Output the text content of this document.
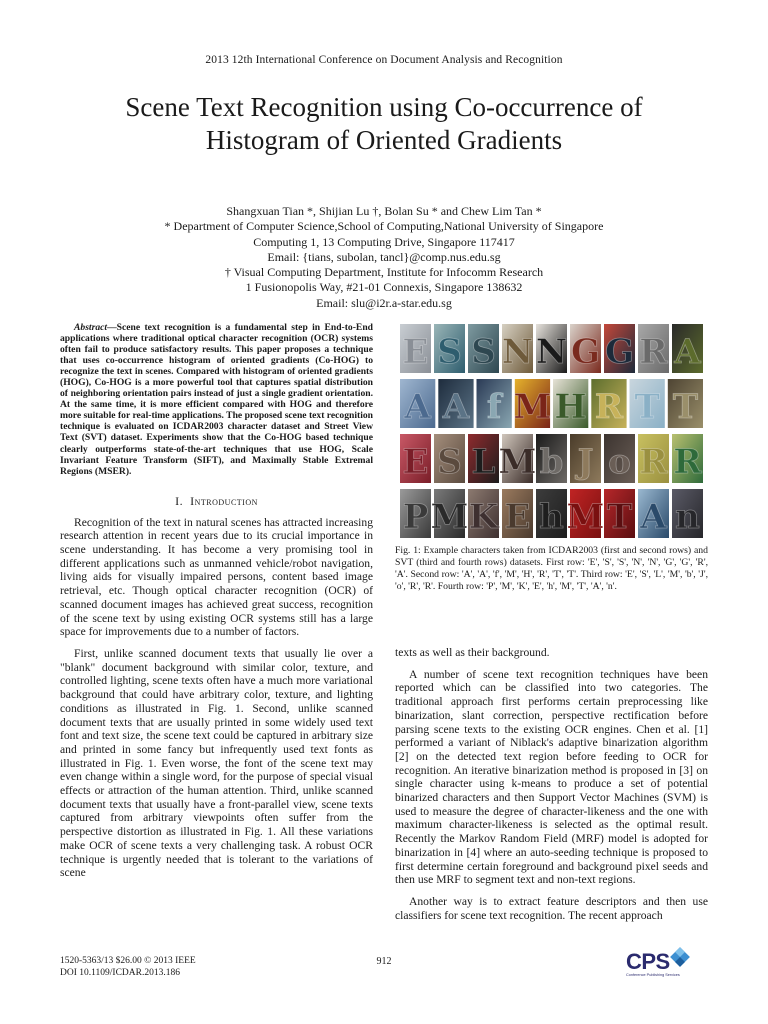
2013 12th International Conference on Document Analysis and Recognition
Scene Text Recognition using Co-occurrence of
Histogram of Oriented Gradients
Shangxuan Tian *, Shijian Lu †, Bolan Su * and Chew Lim Tan *
* Department of Computer Science,School of Computing,National University of Singapore
Computing 1, 13 Computing Drive, Singapore 117417
Email: {tians, subolan, tancl}@comp.nus.edu.sg
† Visual Computing Department, Institute for Infocomm Research
1 Fusionopolis Way, #21-01 Connexis, Singapore 138632
Email: slu@i2r.a-star.edu.sg

Abstract—Scene text recognition is a fundamental step in End-to-End applications where traditional optical character recognition (OCR) systems often fail to produce satisfactory results. This paper proposes a technique that uses co-occurrence histogram of oriented gradients (Co-HOG) to recognize the text in scenes. Compared with histogram of oriented gradients (HOG), Co-HOG is a more powerful tool that captures spatial distribution of neighboring orientation pairs instead of just a single gradient orientation. At the same time, it is more efficient compared with HOG and therefore more suitable for real-time applications. The proposed scene text recognition technique is evaluated on ICDAR2003 character dataset and Street View Text (SVT) dataset. Experiments show that the Co-HOG based technique clearly outperforms state-of-the-art techniques that use HOG, Scale Invariant Feature Transform (SIFT), and Maximally Stable Extremal Regions (MSER).

I. Introduction

Recognition of the text in natural scenes has attracted increasing research attention in recent years due to its crucial importance in scene understanding. It has become a very promising tool in different applications such as unmanned vehicle/robot navigation, living aids for visually impaired persons, content based image retrieval, etc. Though optical character recognition (OCR) of scanned document images has achieved great success, recognition of the scene text by using existing OCR systems still has a large space for improvements due to a number of factors.

First, unlike scanned document texts that usually lie over a "blank" document background with similar color, texture, and controlled lighting, scene texts often have a much more variational background that could have arbitrary color, texture, and lighting conditions as illustrated in Fig. 1. Second, unlike scanned document texts that are usually printed in some widely used text font and text size, the scene text could be captured in arbitrary size and printed in some fancy but infrequently used text fonts as illustrated in Fig. 1. Even worse, the font of the scene text may even change within a single word, for the purpose of special visual effects or attraction of the human attention. Third, unlike scanned document texts that usually have a front-parallel view, scene texts captured from arbitrary viewpoints often suffer from the perspective distortion as illustrated in Fig. 1. All these variations make OCR of scene texts a very challenging task. A robust OCR technique is urgently needed that is tolerant to the variations of scene

E S S N N G G R A
A A f M H R T T
E S L M b J o R R
P M K E h M T A n

Fig. 1: Example characters taken from ICDAR2003 (first and second rows) and SVT (third and fourth rows) datasets. First row: 'E', 'S', 'S', 'N', 'N', 'G', 'G', 'R', 'A'. Second row: 'A', 'A', 'f', 'M', 'H', 'R', 'T', 'T'. Third row: 'E', 'S', 'L', 'M', 'b', 'J', 'o', 'R', 'R'. Fourth row: 'P', 'M', 'K', 'E', 'h', 'M', 'T', 'A', 'n'.

texts as well as their background.

A number of scene text recognition techniques have been reported which can be classified into two categories. The traditional approach first performs certain preprocessing like binarization, slant correction, perspective rectification before parsing scene texts to the existing OCR engines. Chen et al. [1] performed a variant of Niblack's adaptive binarization algorithm [2] on the detected text region before feeding to OCR for recognition. An iterative binarization method is proposed in [3] on single character using k-means to produce a set of potential binarized characters and then Support Vector Machines (SVM) is used to measure the degree of character-likeness and the one with maximum character-likeness is selected as the optimal result. Recently the Markov Random Field (MRF) model is adopted for binarization in [4] where an auto-seeding technique is proposed to first determine certain foreground and background pixel seeds and then use MRF to segment text and non-text regions.

Another way is to extract feature descriptors and then use classifiers for scene text recognition. The recent approach

1520-5363/13 $26.00 © 2013 IEEE
DOI 10.1109/ICDAR.2013.186
912	CPS
Conference Publishing Services
